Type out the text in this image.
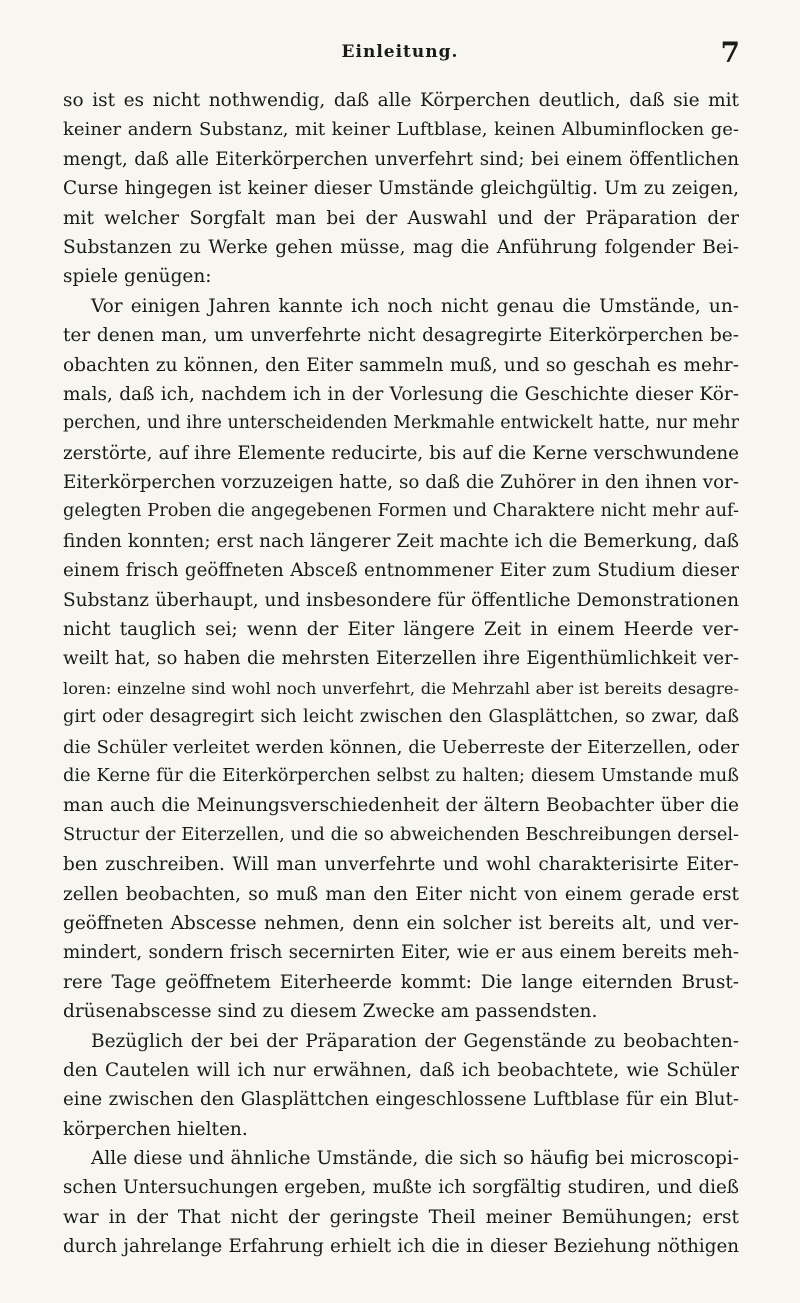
Einleitung.	7
so ist es nicht nothwendig, daß alle Körperchen deutlich, daß sie mit
keiner andern Substanz, mit keiner Luftblase, keinen Albuminflocken ge-
mengt, daß alle Eiterkörperchen unverfehrt sind; bei einem öffentlichen
Curse hingegen ist keiner dieser Umstände gleichgültig. Um zu zeigen,
mit welcher Sorgfalt man bei der Auswahl und der Präparation der
Substanzen zu Werke gehen müsse, mag die Anführung folgender Bei-
spiele genügen:
Vor einigen Jahren kannte ich noch nicht genau die Umstände, un-
ter denen man, um unverfehrte nicht desagregirte Eiterkörperchen be-
obachten zu können, den Eiter sammeln muß, und so geschah es mehr-
mals, daß ich, nachdem ich in der Vorlesung die Geschichte dieser Kör-
perchen, und ihre unterscheidenden Merkmahle entwickelt hatte, nur mehr
zerstörte, auf ihre Elemente reducirte, bis auf die Kerne verschwundene
Eiterkörperchen vorzuzeigen hatte, so daß die Zuhörer in den ihnen vor-
gelegten Proben die angegebenen Formen und Charaktere nicht mehr auf-
finden konnten; erst nach längerer Zeit machte ich die Bemerkung, daß
einem frisch geöffneten Absceß entnommener Eiter zum Studium dieser
Substanz überhaupt, und insbesondere für öffentliche Demonstrationen
nicht tauglich sei; wenn der Eiter längere Zeit in einem Heerde ver-
weilt hat, so haben die mehrsten Eiterzellen ihre Eigenthümlichkeit ver-
loren: einzelne sind wohl noch unverfehrt, die Mehrzahl aber ist bereits desagre-
girt oder desagregirt sich leicht zwischen den Glasplättchen, so zwar, daß
die Schüler verleitet werden können, die Ueberreste der Eiterzellen, oder
die Kerne für die Eiterkörperchen selbst zu halten; diesem Umstande muß
man auch die Meinungsverschiedenheit der ältern Beobachter über die
Structur der Eiterzellen, und die so abweichenden Beschreibungen dersel-
ben zuschreiben. Will man unverfehrte und wohl charakterisirte Eiter-
zellen beobachten, so muß man den Eiter nicht von einem gerade erst
geöffneten Abscesse nehmen, denn ein solcher ist bereits alt, und ver-
mindert, sondern frisch secernirten Eiter, wie er aus einem bereits meh-
rere Tage geöffnetem Eiterheerde kommt: Die lange eiternden Brust-
drüsenabscesse sind zu diesem Zwecke am passendsten.
Bezüglich der bei der Präparation der Gegenstände zu beobachten-
den Cautelen will ich nur erwähnen, daß ich beobachtete, wie Schüler
eine zwischen den Glasplättchen eingeschlossene Luftblase für ein Blut-
körperchen hielten.
Alle diese und ähnliche Umstände, die sich so häufig bei microscopi-
schen Untersuchungen ergeben, mußte ich sorgfältig studiren, und dieß
war in der That nicht der geringste Theil meiner Bemühungen; erst
durch jahrelange Erfahrung erhielt ich die in dieser Beziehung nöthigen
